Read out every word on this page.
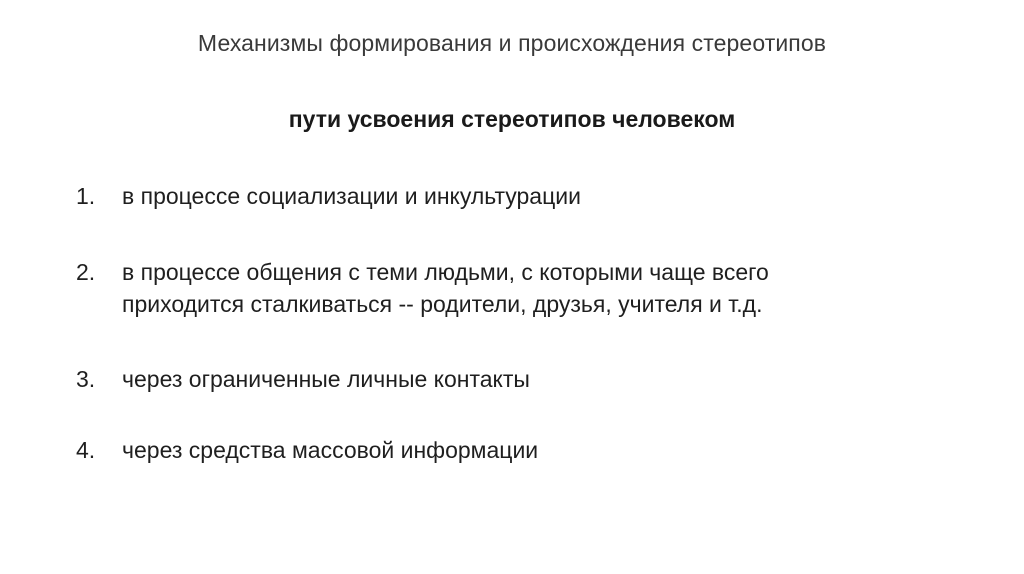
Механизмы формирования и происхождения стереотипов
пути усвоения стереотипов человеком
1.	в процессе социализации и инкультурации
2.	в процессе общения с теми людьми, с которыми чаще всего
приходится сталкиваться -- родители, друзья, учителя и т.д.
3.	через ограниченные личные контакты
4.	через средства массовой информации
